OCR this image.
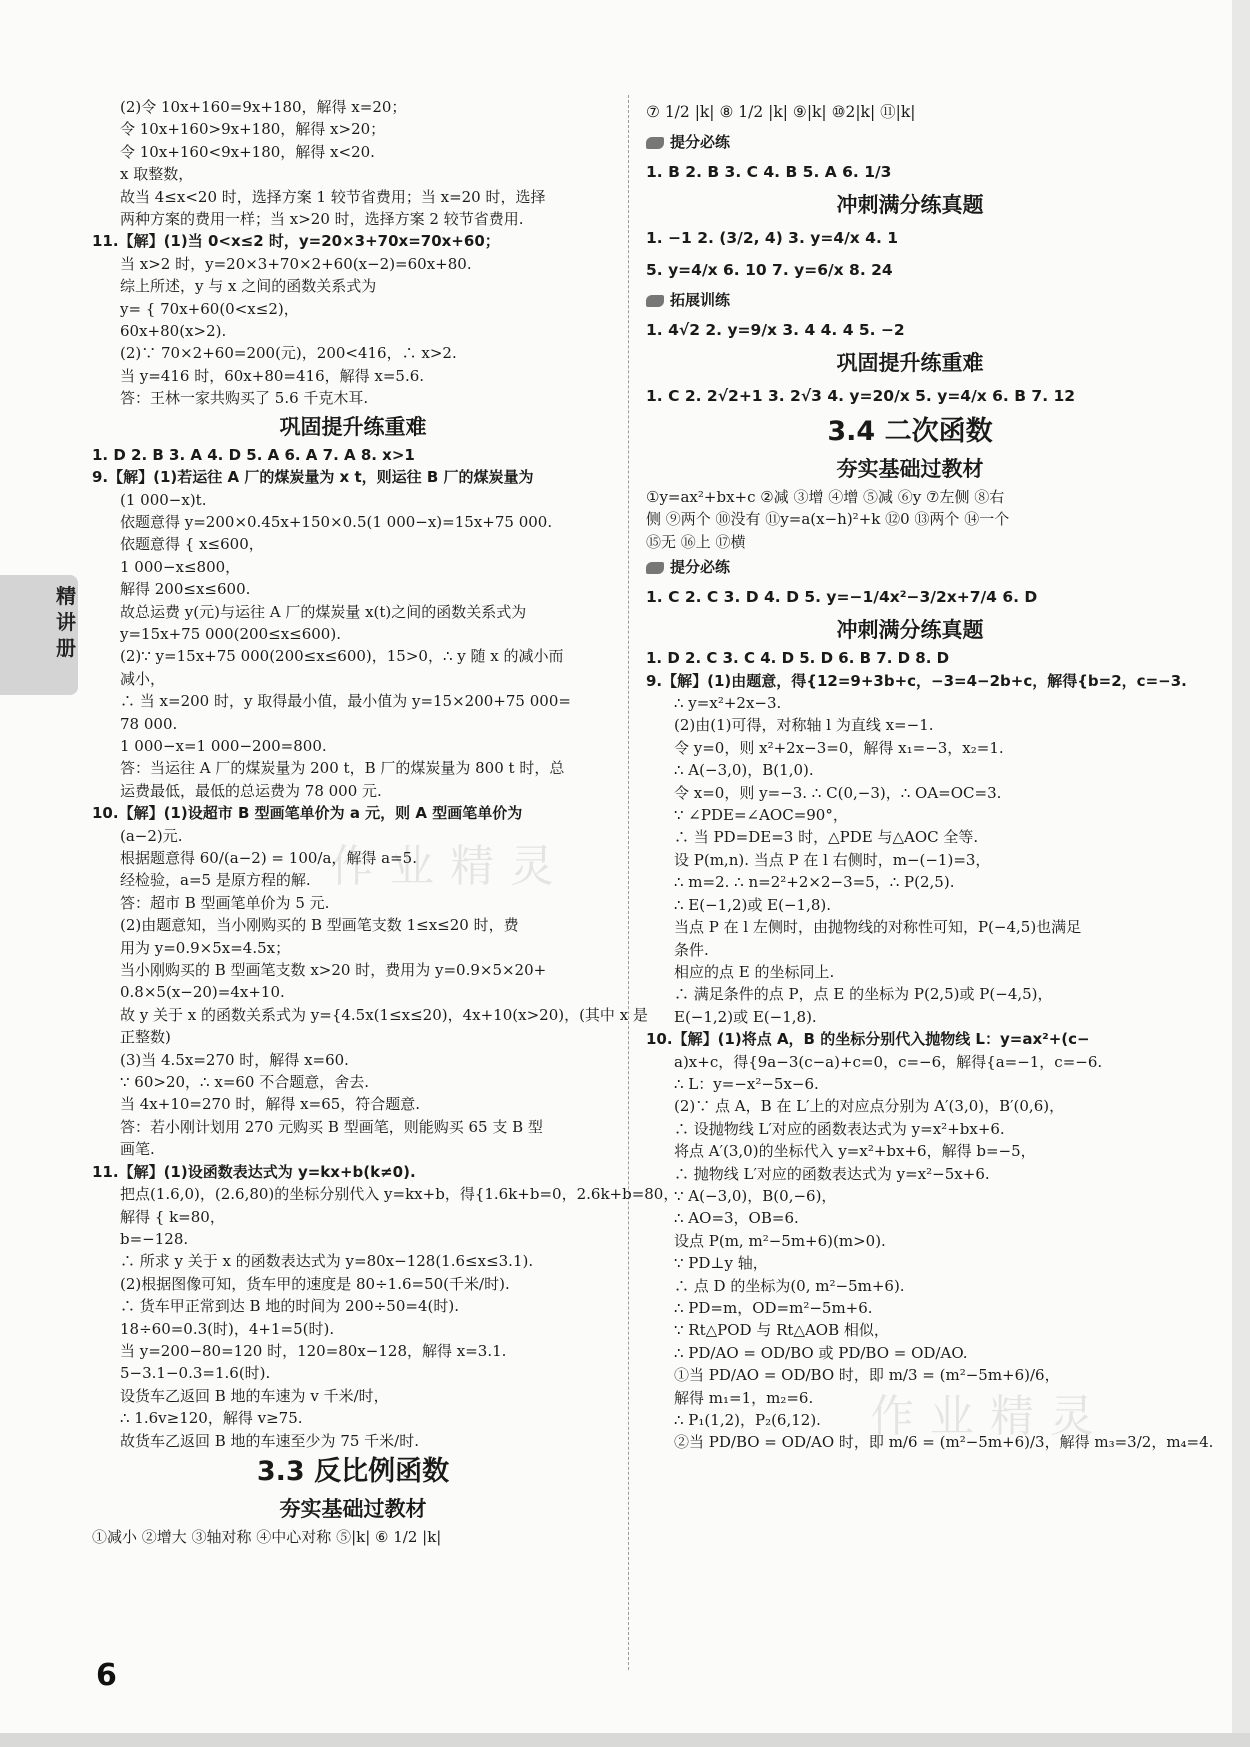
精讲册
作业精灵
作业精灵
(2)令 10x+160=9x+180，解得 x=20；
令 10x+160>9x+180，解得 x>20；
令 10x+160<9x+180，解得 x<20.
x 取整数，
故当 4≤x<20 时，选择方案 1 较节省费用；当 x=20 时，选择
两种方案的费用一样；当 x>20 时，选择方案 2 较节省费用.
11.【解】(1)当 0<x≤2 时，y=20×3+70x=70x+60；
当 x>2 时，y=20×3+70×2+60(x−2)=60x+80.
综上所述，y 与 x 之间的函数关系式为
y= { 70x+60(0<x≤2)，
60x+80(x>2).
(2)∵ 70×2+60=200(元)，200<416，∴ x>2.
当 y=416 时，60x+80=416，解得 x=5.6.
答：王林一家共购买了 5.6 千克木耳.
巩固提升练重难
1. D 2. B 3. A 4. D 5. A 6. A 7. A 8. x>1
9.【解】(1)若运往 A 厂的煤炭量为 x t，则运往 B 厂的煤炭量为
(1 000−x)t.
依题意得 y=200×0.45x+150×0.5(1 000−x)=15x+75 000.
依题意得 { x≤600，
1 000−x≤800，
解得 200≤x≤600.
故总运费 y(元)与运往 A 厂的煤炭量 x(t)之间的函数关系式为
y=15x+75 000(200≤x≤600).
(2)∵ y=15x+75 000(200≤x≤600)，15>0，∴ y 随 x 的减小而
减小，
∴ 当 x=200 时，y 取得最小值，最小值为 y=15×200+75 000=
78 000.
1 000−x=1 000−200=800.
答：当运往 A 厂的煤炭量为 200 t，B 厂的煤炭量为 800 t 时，总
运费最低，最低的总运费为 78 000 元.
10.【解】(1)设超市 B 型画笔单价为 a 元，则 A 型画笔单价为
(a−2)元.
根据题意得 60/(a−2) = 100/a，解得 a=5.
经检验，a=5 是原方程的解.
答：超市 B 型画笔单价为 5 元.
(2)由题意知，当小刚购买的 B 型画笔支数 1≤x≤20 时，费
用为 y=0.9×5x=4.5x；
当小刚购买的 B 型画笔支数 x>20 时，费用为 y=0.9×5×20+
0.8×5(x−20)=4x+10.
故 y 关于 x 的函数关系式为 y={4.5x(1≤x≤20)，4x+10(x>20)，(其中 x 是
正整数)
(3)当 4.5x=270 时，解得 x=60.
∵ 60>20，∴ x=60 不合题意，舍去.
当 4x+10=270 时，解得 x=65，符合题意.
答：若小刚计划用 270 元购买 B 型画笔，则能购买 65 支 B 型
画笔.
11.【解】(1)设函数表达式为 y=kx+b(k≠0).
把点(1.6,0)，(2.6,80)的坐标分别代入 y=kx+b，得{1.6k+b=0，2.6k+b=80，
解得 { k=80，
b=−128.
∴ 所求 y 关于 x 的函数表达式为 y=80x−128(1.6≤x≤3.1).
(2)根据图像可知，货车甲的速度是 80÷1.6=50(千米/时).
∴ 货车甲正常到达 B 地的时间为 200÷50=4(时).
18÷60=0.3(时)，4+1=5(时).
当 y=200−80=120 时，120=80x−128，解得 x=3.1.
5−3.1−0.3=1.6(时).
设货车乙返回 B 地的车速为 v 千米/时，
∴ 1.6v≥120，解得 v≥75.
故货车乙返回 B 地的车速至少为 75 千米/时.
3.3 反比例函数
夯实基础过教材
①减小 ②增大 ③轴对称 ④中心对称 ⑤|k| ⑥ 1/2 |k|
⑦ 1/2 |k| ⑧ 1/2 |k| ⑨|k| ⑩2|k| ⑪|k|
提分必练
1. B 2. B 3. C 4. B 5. A 6. 1/3
冲刺满分练真题
1. −1 2. (3/2, 4) 3. y=4/x 4. 1
5. y=4/x 6. 10 7. y=6/x 8. 24
拓展训练
1. 4√2 2. y=9/x 3. 4 4. 4 5. −2
巩固提升练重难
1. C 2. 2√2+1 3. 2√3 4. y=20/x 5. y=4/x 6. B 7. 12
3.4 二次函数
夯实基础过教材
①y=ax²+bx+c ②减 ③增 ④增 ⑤减 ⑥y ⑦左侧 ⑧右
侧 ⑨两个 ⑩没有 ⑪y=a(x−h)²+k ⑫0 ⑬两个 ⑭一个
⑮无 ⑯上 ⑰横
提分必练
1. C 2. C 3. D 4. D 5. y=−1/4x²−3/2x+7/4 6. D
冲刺满分练真题
1. D 2. C 3. C 4. D 5. D 6. B 7. D 8. D
9.【解】(1)由题意，得{12=9+3b+c，−3=4−2b+c，解得{b=2，c=−3.
∴ y=x²+2x−3.
(2)由(1)可得，对称轴 l 为直线 x=−1.
令 y=0，则 x²+2x−3=0，解得 x₁=−3，x₂=1.
∴ A(−3,0)，B(1,0).
令 x=0，则 y=−3. ∴ C(0,−3)，∴ OA=OC=3.
∵ ∠PDE=∠AOC=90°，
∴ 当 PD=DE=3 时，△PDE 与△AOC 全等.
设 P(m,n). 当点 P 在 l 右侧时，m−(−1)=3，
∴ m=2. ∴ n=2²+2×2−3=5，∴ P(2,5).
∴ E(−1,2)或 E(−1,8).
当点 P 在 l 左侧时，由抛物线的对称性可知，P(−4,5)也满足
条件.
相应的点 E 的坐标同上.
∴ 满足条件的点 P，点 E 的坐标为 P(2,5)或 P(−4,5)，
E(−1,2)或 E(−1,8).
10.【解】(1)将点 A，B 的坐标分别代入抛物线 L：y=ax²+(c−
a)x+c，得{9a−3(c−a)+c=0，c=−6，解得{a=−1，c=−6.
∴ L：y=−x²−5x−6.
(2)∵ 点 A，B 在 L′上的对应点分别为 A′(3,0)，B′(0,6)，
∴ 设抛物线 L′对应的函数表达式为 y=x²+bx+6.
将点 A′(3,0)的坐标代入 y=x²+bx+6，解得 b=−5，
∴ 抛物线 L′对应的函数表达式为 y=x²−5x+6.
∵ A(−3,0)，B(0,−6)，
∴ AO=3，OB=6.
设点 P(m, m²−5m+6)(m>0).
∵ PD⊥y 轴，
∴ 点 D 的坐标为(0, m²−5m+6).
∴ PD=m，OD=m²−5m+6.
∵ Rt△POD 与 Rt△AOB 相似，
∴ PD/AO = OD/BO 或 PD/BO = OD/AO.
①当 PD/AO = OD/BO 时，即 m/3 = (m²−5m+6)/6，
解得 m₁=1，m₂=6.
∴ P₁(1,2)，P₂(6,12).
②当 PD/BO = OD/AO 时，即 m/6 = (m²−5m+6)/3，解得 m₃=3/2，m₄=4.
6
